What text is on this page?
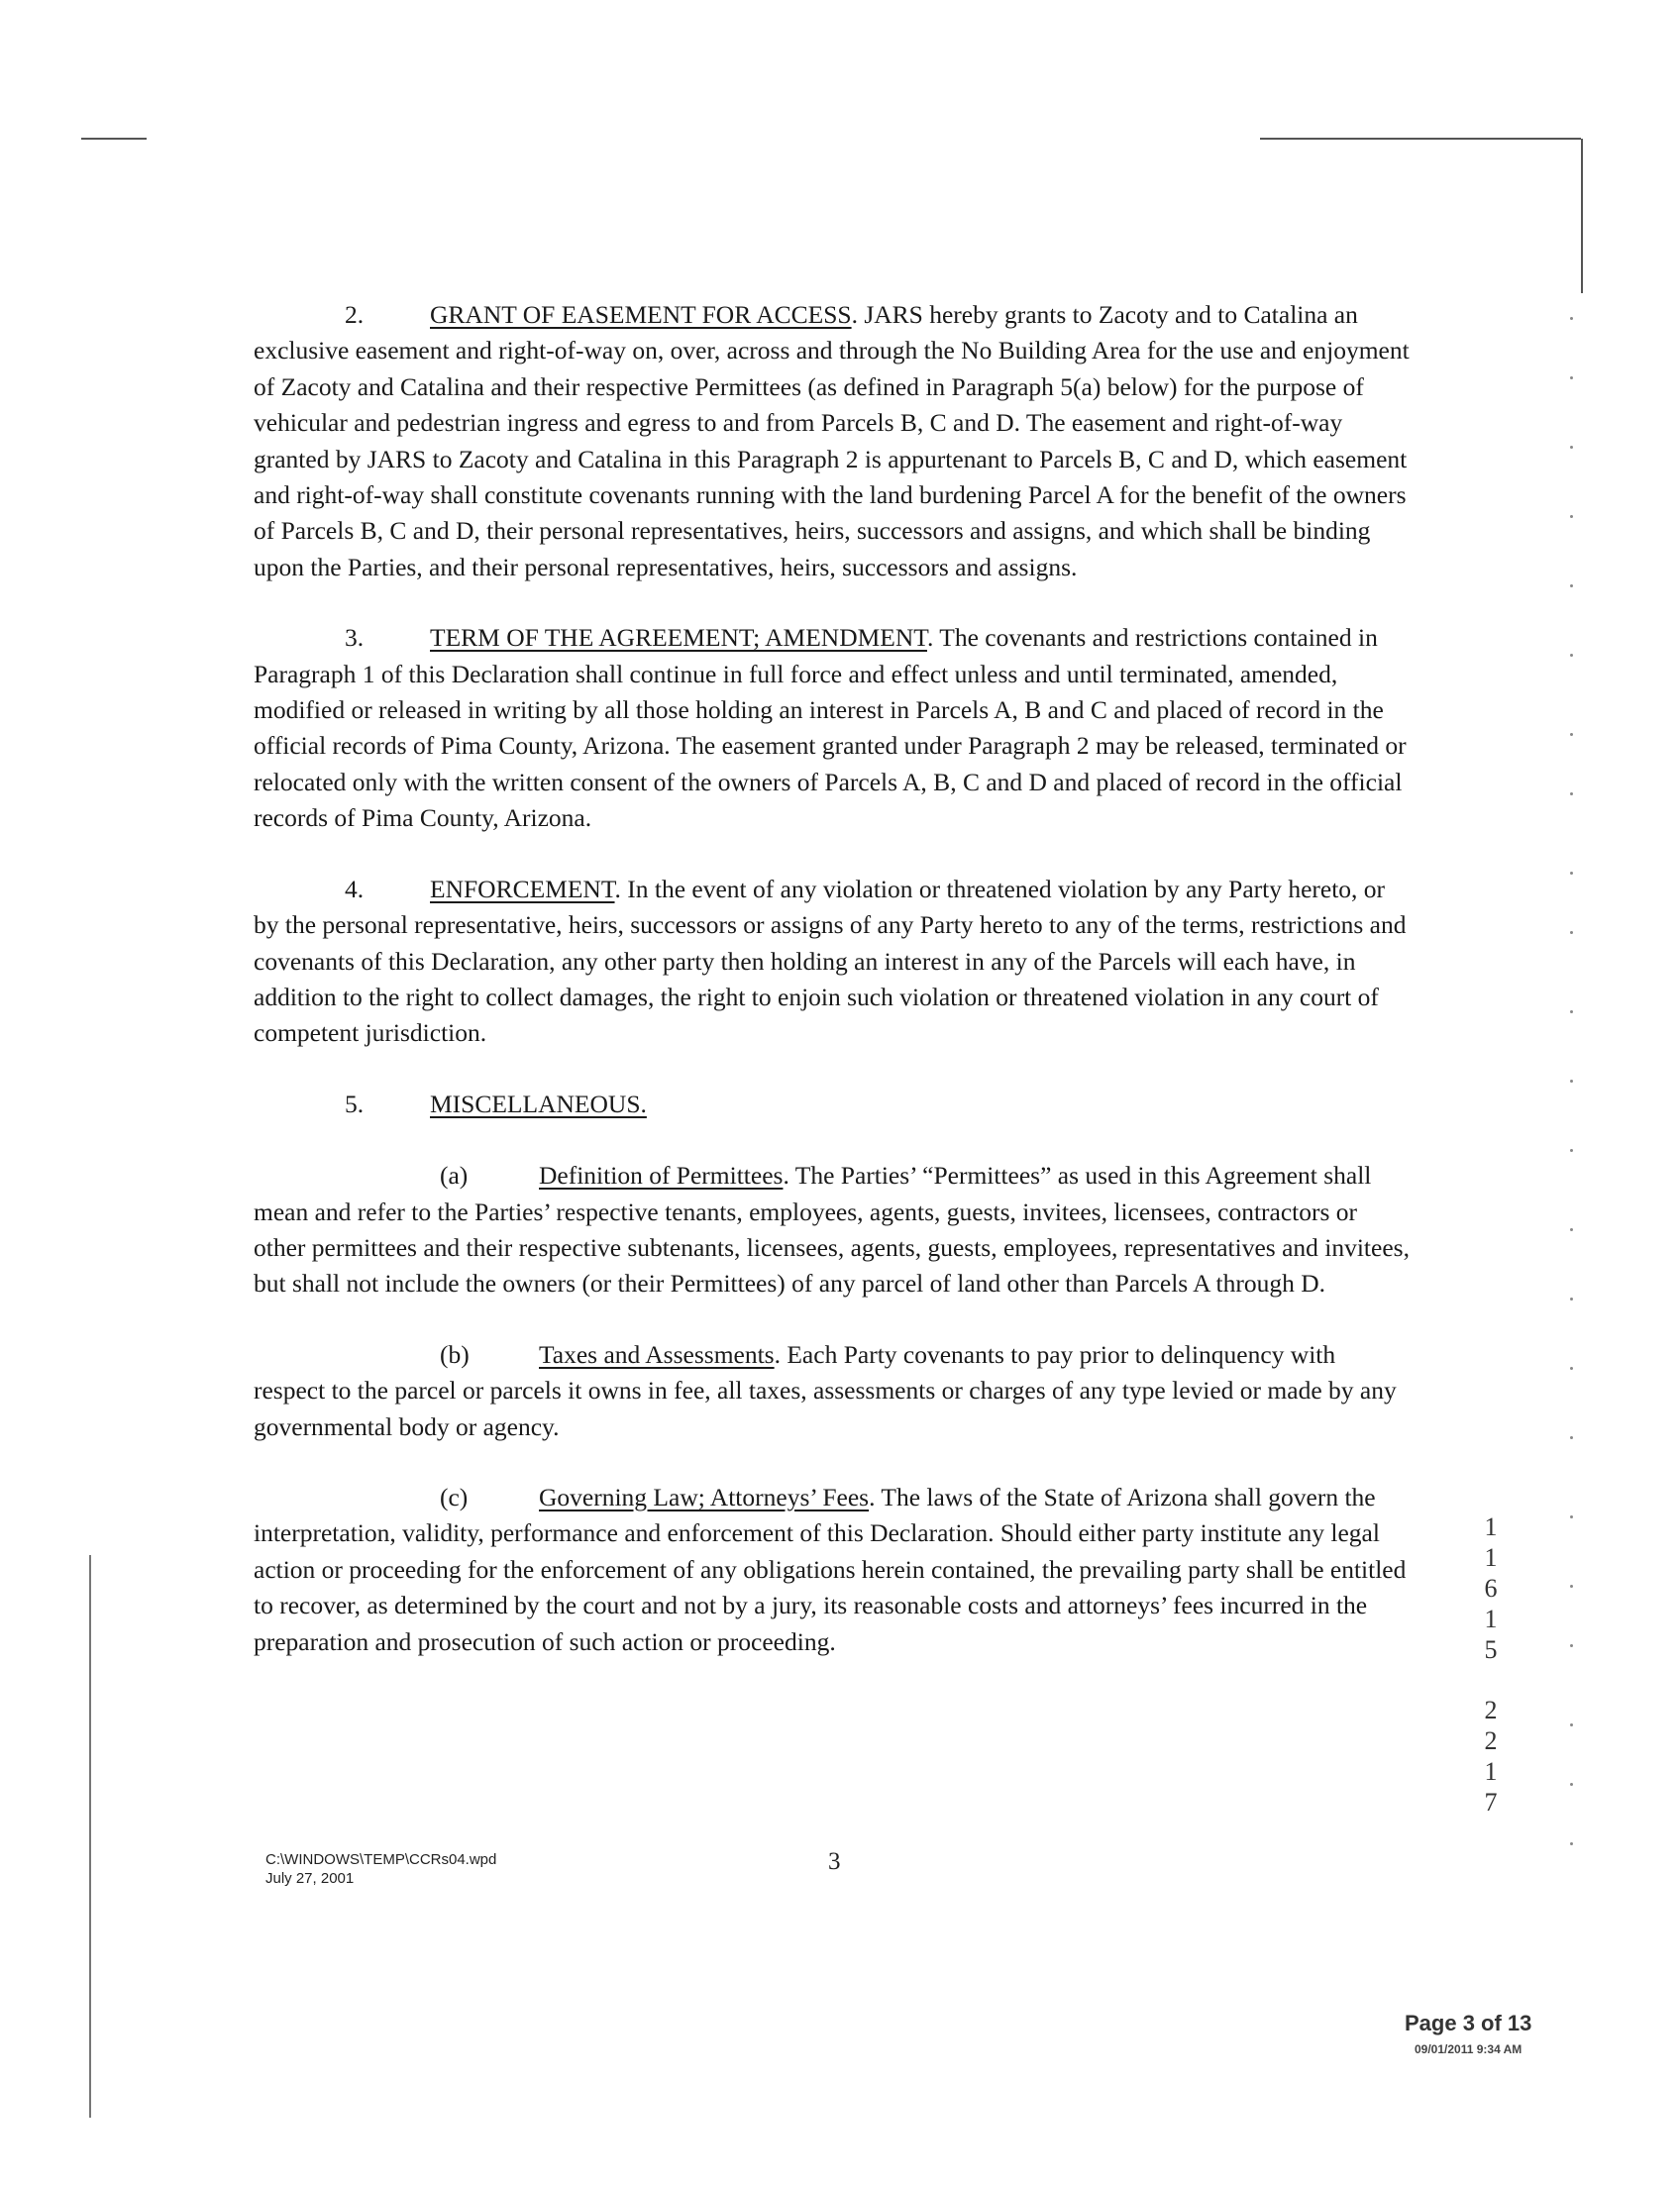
2.	GRANT OF EASEMENT FOR ACCESS. JARS hereby grants to Zacoty and to Catalina an exclusive easement and right-of-way on, over, across and through the No Building Area for the use and enjoyment of Zacoty and Catalina and their respective Permittees (as defined in Paragraph 5(a) below) for the purpose of vehicular and pedestrian ingress and egress to and from Parcels B, C and D. The easement and right-of-way granted by JARS to Zacoty and Catalina in this Paragraph 2 is appurtenant to Parcels B, C and D, which easement and right-of-way shall constitute covenants running with the land burdening Parcel A for the benefit of the owners of Parcels B, C and D, their personal representatives, heirs, successors and assigns, and which shall be binding upon the Parties, and their personal representatives, heirs, successors and assigns.

3.	TERM OF THE AGREEMENT; AMENDMENT. The covenants and restrictions contained in Paragraph 1 of this Declaration shall continue in full force and effect unless and until terminated, amended, modified or released in writing by all those holding an interest in Parcels A, B and C and placed of record in the official records of Pima County, Arizona. The easement granted under Paragraph 2 may be released, terminated or relocated only with the written consent of the owners of Parcels A, B, C and D and placed of record in the official records of Pima County, Arizona.

4.	ENFORCEMENT. In the event of any violation or threatened violation by any Party hereto, or by the personal representative, heirs, successors or assigns of any Party hereto to any of the terms, restrictions and covenants of this Declaration, any other party then holding an interest in any of the Parcels will each have, in addition to the right to collect damages, the right to enjoin such violation or threatened violation in any court of competent jurisdiction.

5.	MISCELLANEOUS.

(a)	Definition of Permittees. The Parties’ “Permittees” as used in this Agreement shall mean and refer to the Parties’ respective tenants, employees, agents, guests, invitees, licensees, contractors or other permittees and their respective subtenants, licensees, agents, guests, employees, representatives and invitees, but shall not include the owners (or their Permittees) of any parcel of land other than Parcels A through D.

(b)	Taxes and Assessments. Each Party covenants to pay prior to delinquency with respect to the parcel or parcels it owns in fee, all taxes, assessments or charges of any type levied or made by any governmental body or agency.

(c)	Governing Law; Attorneys’ Fees. The laws of the State of Arizona shall govern the interpretation, validity, performance and enforcement of this Declaration. Should either party institute any legal action or proceeding for the enforcement of any obligations herein contained, the prevailing party shall be entitled to recover, as determined by the court and not by a jury, its reasonable costs and attorneys’ fees incurred in the preparation and prosecution of such action or proceeding.

C:\WINDOWS\TEMP\CCRs04.wpd
July 27, 2001
3
1
1
6
1
5
2
2
1
7
Page 3 of 13
09/01/2011 9:34 AM
